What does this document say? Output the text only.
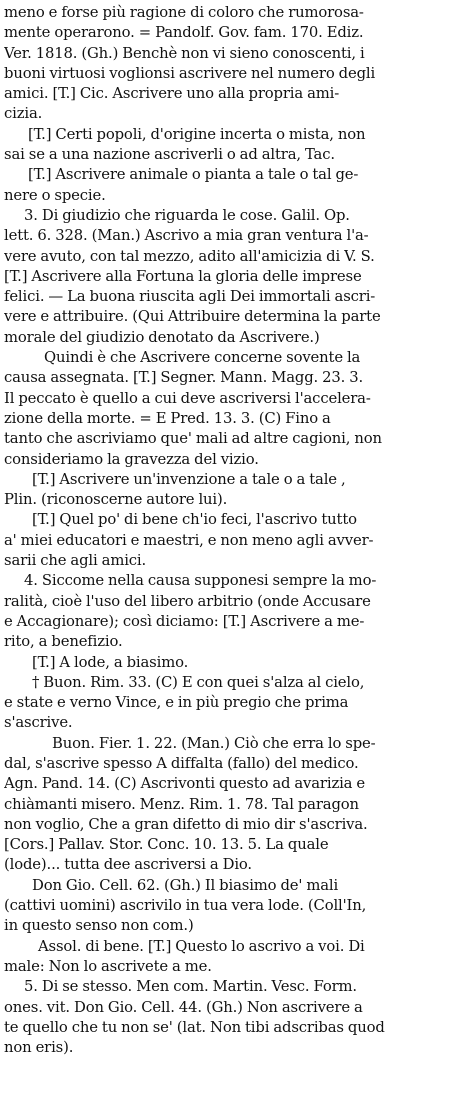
meno e forse più ragione di coloro che rumorosa-
mente operarono. = Pandolf. Gov. fam. 170. Ediz.
Ver. 1818. (Gh.) Benchè non vi sieno conoscenti, i
buoni virtuosi voglionsi ascrivere nel numero degli
amici. [T.] Cic. Ascrivere uno alla propria ami-
cizia.
[T.] Certi popoli, d'origine incerta o mista, non
sai se a una nazione ascriverli o ad altra, Tac.
[T.] Ascrivere animale o pianta a tale o tal ge-
nere o specie.
3. Di giudizio che riguarda le cose. Galil. Op.
lett. 6. 328. (Man.) Ascrivo a mia gran ventura l'a-
vere avuto, con tal mezzo, adito all'amicizia di V. S.
[T.] Ascrivere alla Fortuna la gloria delle imprese
felici. — La buona riuscita agli Dei immortali ascri-
vere e attribuire. (Qui Attribuire determina la parte
morale del giudizio denotato da Ascrivere.)
Quindi è che Ascrivere concerne sovente la
causa assegnata. [T.] Segner. Mann. Magg. 23. 3.
Il peccato è quello a cui deve ascriversi l'accelera-
zione della morte. = E Pred. 13. 3. (C) Fino a
tanto che ascriviamo que' mali ad altre cagioni, non
consideriamo la gravezza del vizio.
[T.] Ascrivere un'invenzione a tale o a tale ,
Plin. (riconoscerne autore lui).
[T.] Quel po' di bene ch'io feci, l'ascrivo tutto
a' miei educatori e maestri, e non meno agli avver-
sarii che agli amici.
4. Siccome nella causa supponesi sempre la mo-
ralità, cioè l'uso del libero arbitrio (onde Accusare
e Accagionare); così diciamo: [T.] Ascrivere a me-
rito, a benefizio.
[T.] A lode, a biasimo.
† Buon. Rim. 33. (C) E con quei s'alza al cielo,
e state e verno Vince, e in più pregio che prima
s'ascrive.
Buon. Fier. 1. 22. (Man.) Ciò che erra lo spe-
dal, s'ascrive spesso A diffalta (fallo) del medico.
Agn. Pand. 14. (C) Ascrivonti questo ad avarizia e
chiàmanti misero. Menz. Rim. 1. 78. Tal paragon
non voglio, Che a gran difetto di mio dir s'ascriva.
[Cors.] Pallav. Stor. Conc. 10. 13. 5. La quale
(lode)... tutta dee ascriversi a Dio.
Don Gio. Cell. 62. (Gh.) Il biasimo de' mali
(cattivi uomini) ascrivilo in tua vera lode. (Coll'In,
in questo senso non com.)
Assol. di bene. [T.] Questo lo ascrivo a voi. Di
male: Non lo ascrivete a me.
5. Di se stesso. Men com. Martin. Vesc. Form.
ones. vit. Don Gio. Cell. 44. (Gh.) Non ascrivere a
te quello che tu non se' (lat. Non tibi adscribas quod
non eris).
